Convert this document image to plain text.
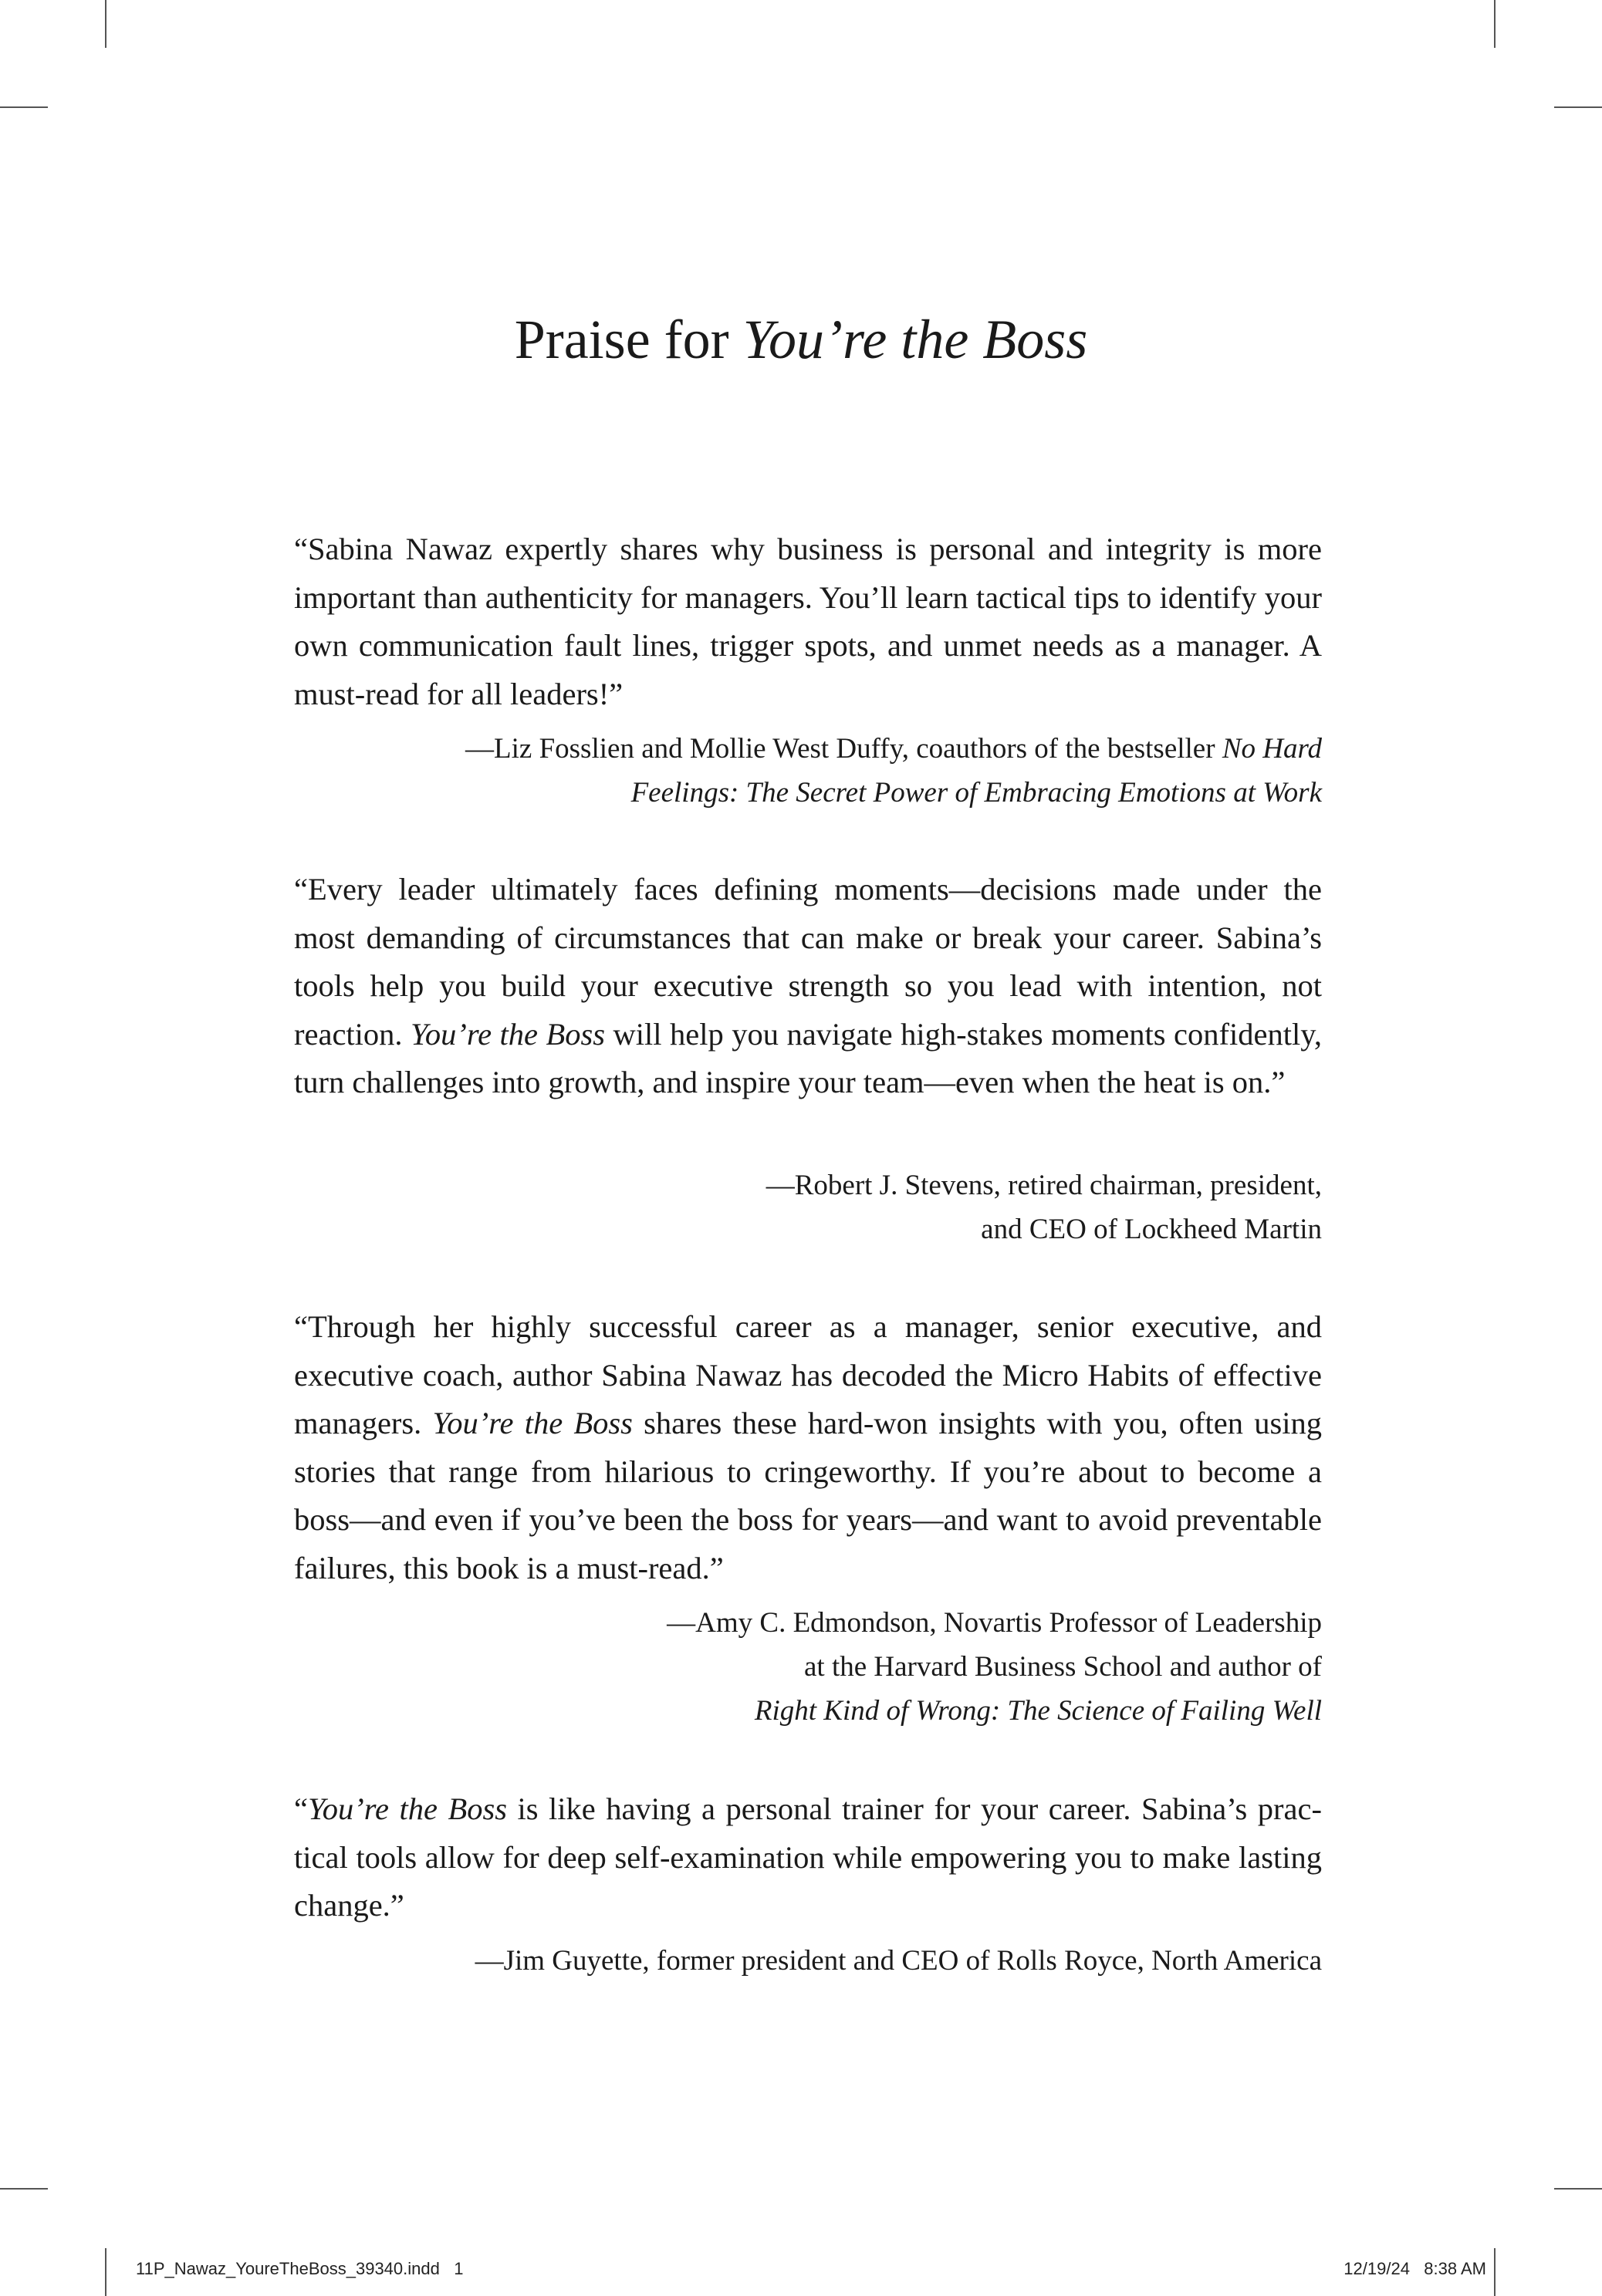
Praise for You’re the Boss

“Sabina Nawaz expertly shares why business is personal and integrity is more important than authenticity for managers. You’ll learn tactical tips to identify your own communication fault lines, trigger spots, and unmet needs as a manager. A must-read for all leaders!”

—Liz Fosslien and Mollie West Duffy, coauthors of the bestseller No Hard Feelings: The Secret Power of Embracing Emotions at Work

“Every leader ultimately faces defining moments—decisions made under the most demanding of circumstances that can make or break your career. Sabina’s tools help you build your executive strength so you lead with intention, not reaction. You’re the Boss will help you navigate high-stakes moments confidently, turn challenges into growth, and inspire your team—even when the heat is on.”

—Robert J. Stevens, retired chairman, president,
and CEO of Lockheed Martin

“Through her highly successful career as a manager, senior executive, and executive coach, author Sabina Nawaz has decoded the Micro Habits of effective managers. You’re the Boss shares these hard-won insights with you, often using stories that range from hilarious to cringeworthy. If you’re about to become a boss—and even if you’ve been the boss for years—and want to avoid preventable failures, this book is a must-read.”

—Amy C. Edmondson, Novartis Professor of Leadership
at the Harvard Business School and author of
Right Kind of Wrong: The Science of Failing Well

“You’re the Boss is like having a personal trainer for your career. Sabina’s practical tools allow for deep self-examination while empowering you to make lasting change.”

—Jim Guyette, former president and CEO of Rolls Royce, North America
11P_Nawaz_YoureTheBoss_39340.indd   1	12/19/24   8:38 AM
